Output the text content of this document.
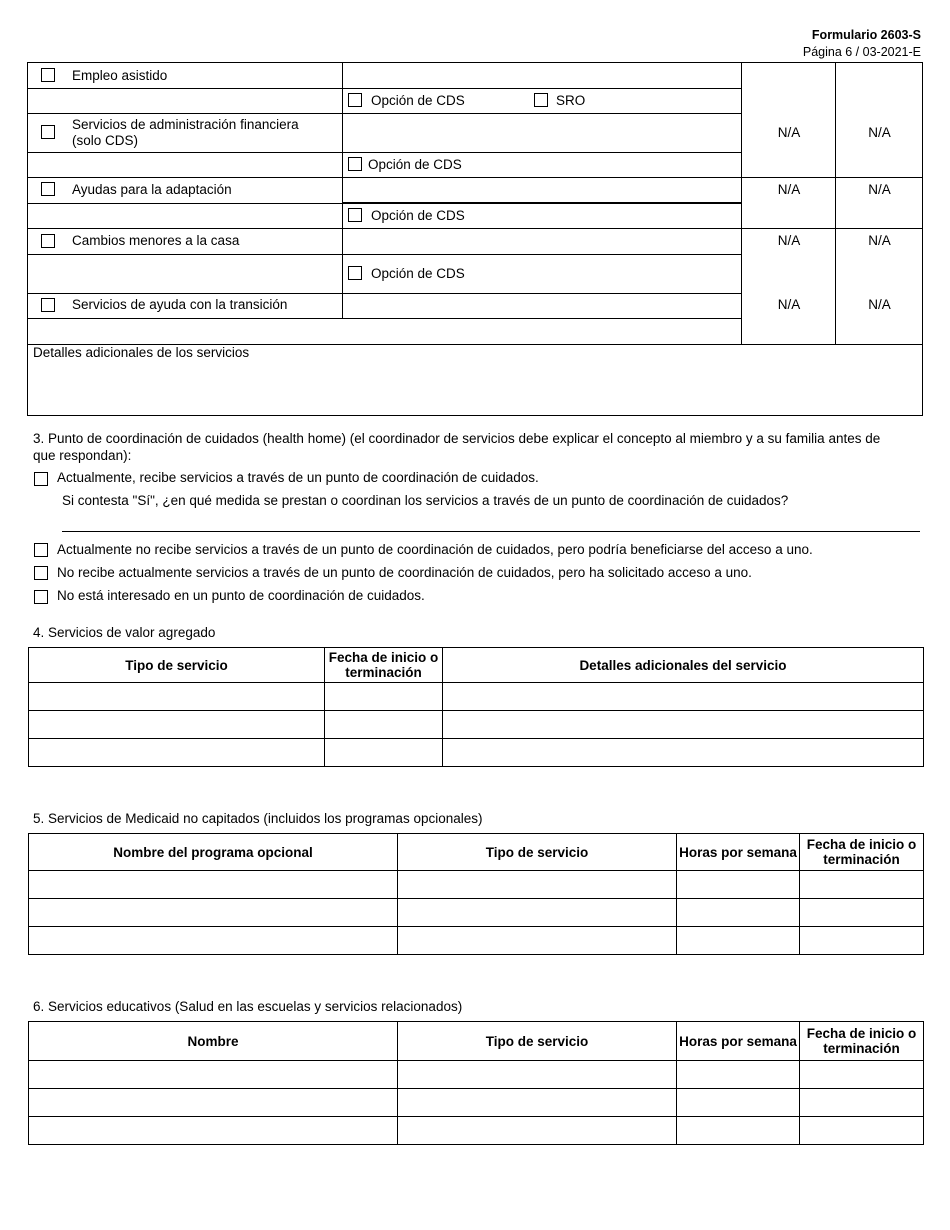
Formulario 2603-S
Página 6 / 03-2021-E
Empleo asistido
Opción de CDS	SRO
Servicios de administración financiera
(solo CDS)
N/A	N/A
Opción de CDS
Ayudas para la adaptación	N/A	N/A
Opción de CDS
Cambios menores a la casa	N/A	N/A
Opción de CDS
Servicios de ayuda con la transición	N/A	N/A
Detalles adicionales de los servicios
3. Punto de coordinación de cuidados (health home) (el coordinador de servicios debe explicar el concepto al miembro y a su familia antes de
que respondan):
Actualmente, recibe servicios a través de un punto de coordinación de cuidados.
Si contesta "Sí", ¿en qué medida se prestan o coordinan los servicios a través de un punto de coordinación de cuidados?
Actualmente no recibe servicios a través de un punto de coordinación de cuidados, pero podría beneficiarse del acceso a uno.
No recibe actualmente servicios a través de un punto de coordinación de cuidados, pero ha solicitado acceso a uno.
No está interesado en un punto de coordinación de cuidados.
4. Servicios de valor agregado
Tipo de servicio	Fecha de inicio o terminación	Detalles adicionales del servicio

5. Servicios de Medicaid no capitados (incluidos los programas opcionales)
Nombre del programa opcional	Tipo de servicio	Horas por semana	Fecha de inicio o terminación

6. Servicios educativos (Salud en las escuelas y servicios relacionados)
Nombre	Tipo de servicio	Horas por semana	Fecha de inicio o terminación
